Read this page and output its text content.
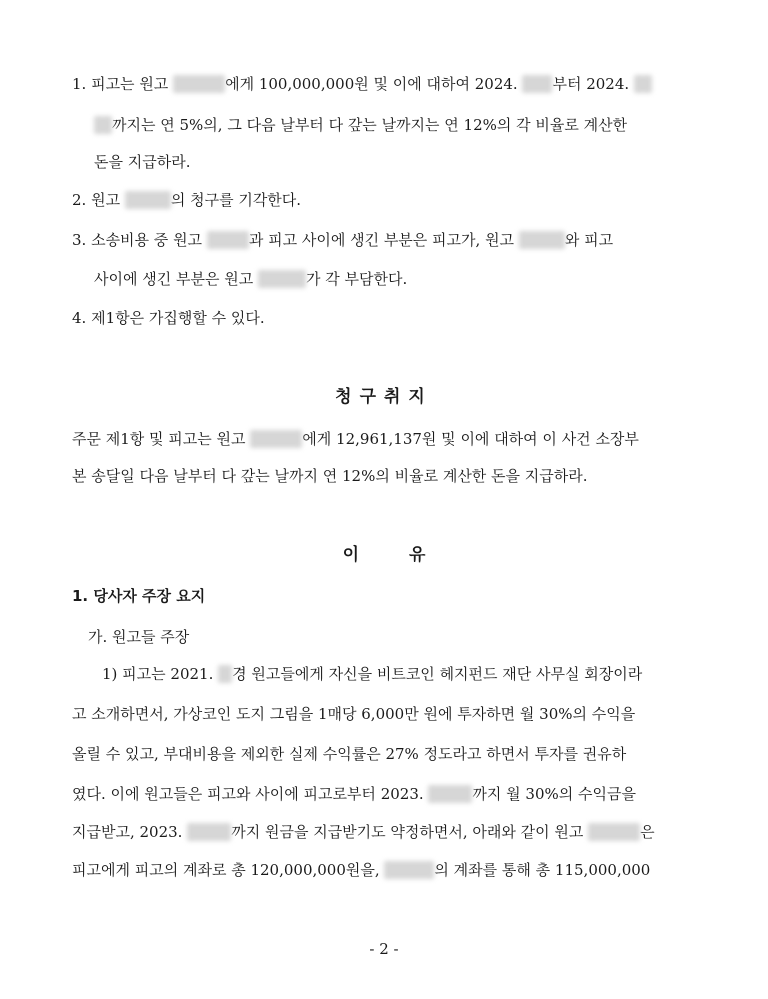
1. 피고는 원고	에게 100,000,000원 및 이에 대하여 2024. 부터 2024.
까지는 연 5%의, 그 다음 날부터 다 갚는 날까지는 연 12%의 각 비율로 계산한
돈을 지급하라.
2. 원고	의 청구를 기각한다.
3. 소송비용 중 원고	과 피고 사이에 생긴 부분은 피고가, 원고	와 피고
사이에 생긴 부분은 원고	가 각 부담한다.
4. 제1항은 가집행할 수 있다.
청구취지
주문 제1항 및 피고는 원고	에게 12,961,137원 및 이에 대하여 이 사건 소장부
본 송달일 다음 날부터 다 갚는 날까지 연 12%의 비율로 계산한 돈을 지급하라.
이 유
1. 당사자 주장 요지
가. 원고들 주장
1) 피고는 2021. 경 원고들에게 자신을 비트코인 헤지펀드 재단 사무실 회장이라
고 소개하면서, 가상코인 도지 그림을 1매당 6,000만 원에 투자하면 월 30%의 수익을
올릴 수 있고, 부대비용을 제외한 실제 수익률은 27% 정도라고 하면서 투자를 권유하
였다. 이에 원고들은 피고와 사이에 피고로부터 2023.	까지 월 30%의 수익금을
지급받고, 2023.	까지 원금을 지급받기도 약정하면서, 아래와 같이 원고	은
피고에게 피고의 계좌로 총 120,000,000원을,	의 계좌를 통해 총 115,000,000
- 2 -
